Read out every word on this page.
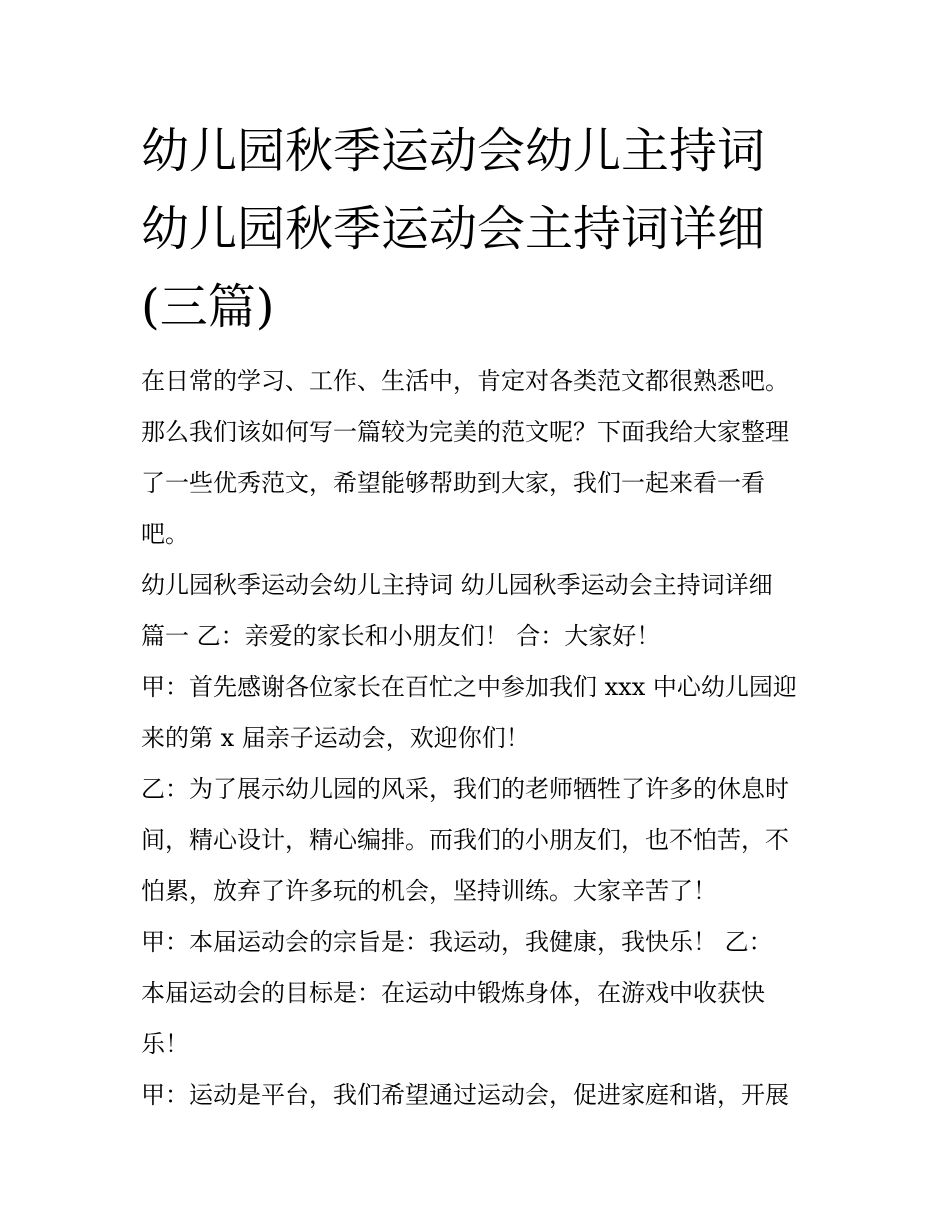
幼儿园秋季运动会幼儿主持词
幼儿园秋季运动会主持词详细
(三篇)

在日常的学习、工作、生活中，肯定对各类范文都很熟悉吧。
那么我们该如何写一篇较为完美的范文呢？下面我给大家整理
了一些优秀范文，希望能够帮助到大家，我们一起来看一看
吧。

幼儿园秋季运动会幼儿主持词 幼儿园秋季运动会主持词详细
篇一 乙：亲爱的家长和小朋友们！ 合：大家好！

甲：首先感谢各位家长在百忙之中参加我们 xxx 中心幼儿园迎
来的第 x 届亲子运动会，欢迎你们！

乙：为了展示幼儿园的风采，我们的老师牺牲了许多的休息时
间，精心设计，精心编排。而我们的小朋友们，也不怕苦，不
怕累，放弃了许多玩的机会，坚持训练。大家辛苦了！

甲：本届运动会的宗旨是：我运动，我健康，我快乐！ 乙：
本届运动会的目标是：在运动中锻炼身体，在游戏中收获快
乐！

甲：运动是平台，我们希望通过运动会，促进家庭和谐，开展
